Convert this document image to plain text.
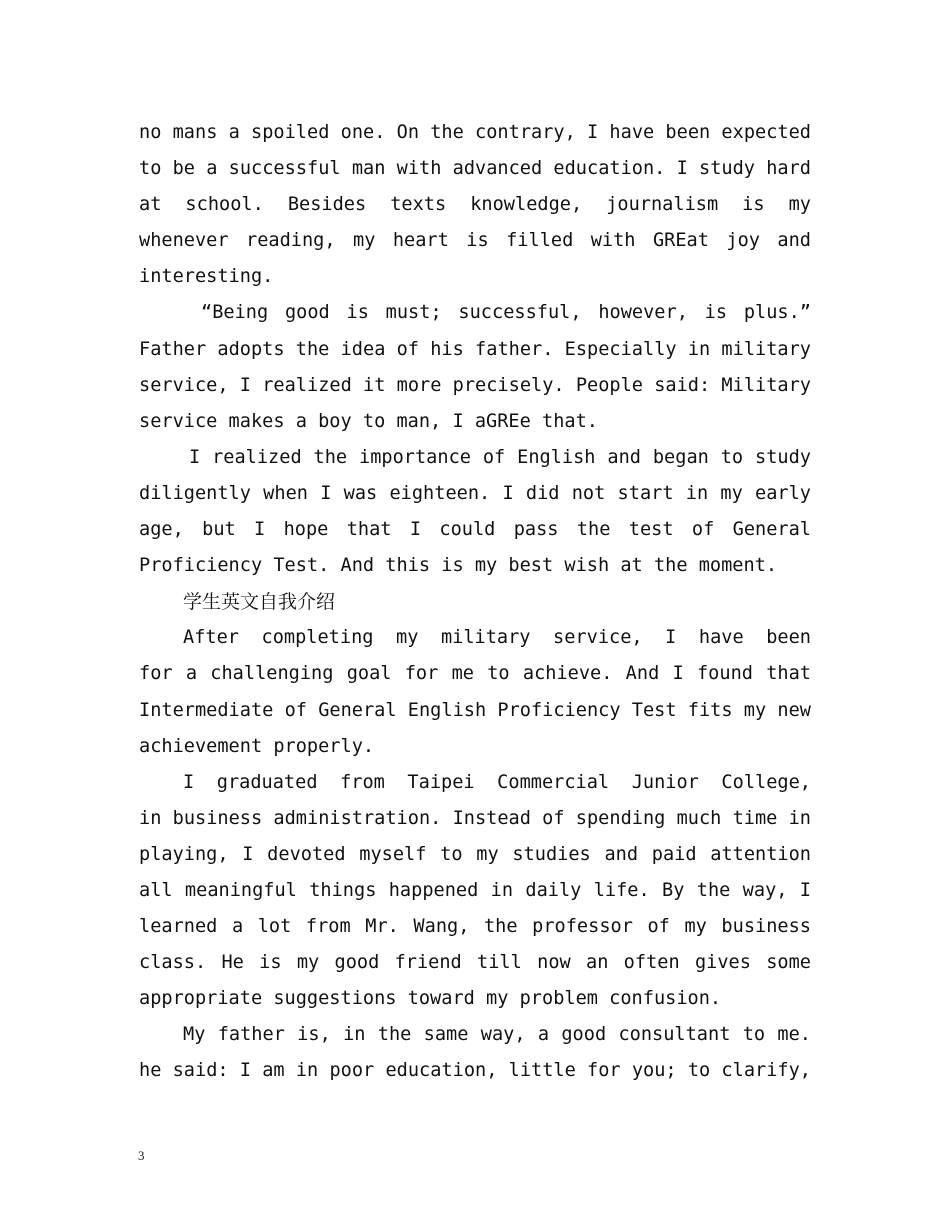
no mans a spoiled one. On the contrary, I have been expected
to be a successful man with advanced education. I study hard
at school. Besides texts knowledge, journalism is my
whenever reading, my heart is filled with GREat joy and
interesting.
“Being good is must; successful, however, is plus.”
Father adopts the idea of his father. Especially in military
service, I realized it more precisely. People said: Military
service makes a boy to man, I aGREe that.
I realized the importance of English and began to study
diligently when I was eighteen. I did not start in my early
age, but I hope that I could pass the test of General
Proficiency Test. And this is my best wish at the moment.
学生英文自我介绍
After completing my military service, I have been
for a challenging goal for me to achieve. And I found that
Intermediate of General English Proficiency Test fits my new
achievement properly.
I graduated from Taipei Commercial Junior College,
in business administration. Instead of spending much time in
playing, I devoted myself to my studies and paid attention
all meaningful things happened in daily life. By the way, I
learned a lot from Mr. Wang, the professor of my business
class. He is my good friend till now an often gives some
appropriate suggestions toward my problem confusion.
My father is, in the same way, a good consultant to me.
he said: I am in poor education, little for you; to clarify,
3
